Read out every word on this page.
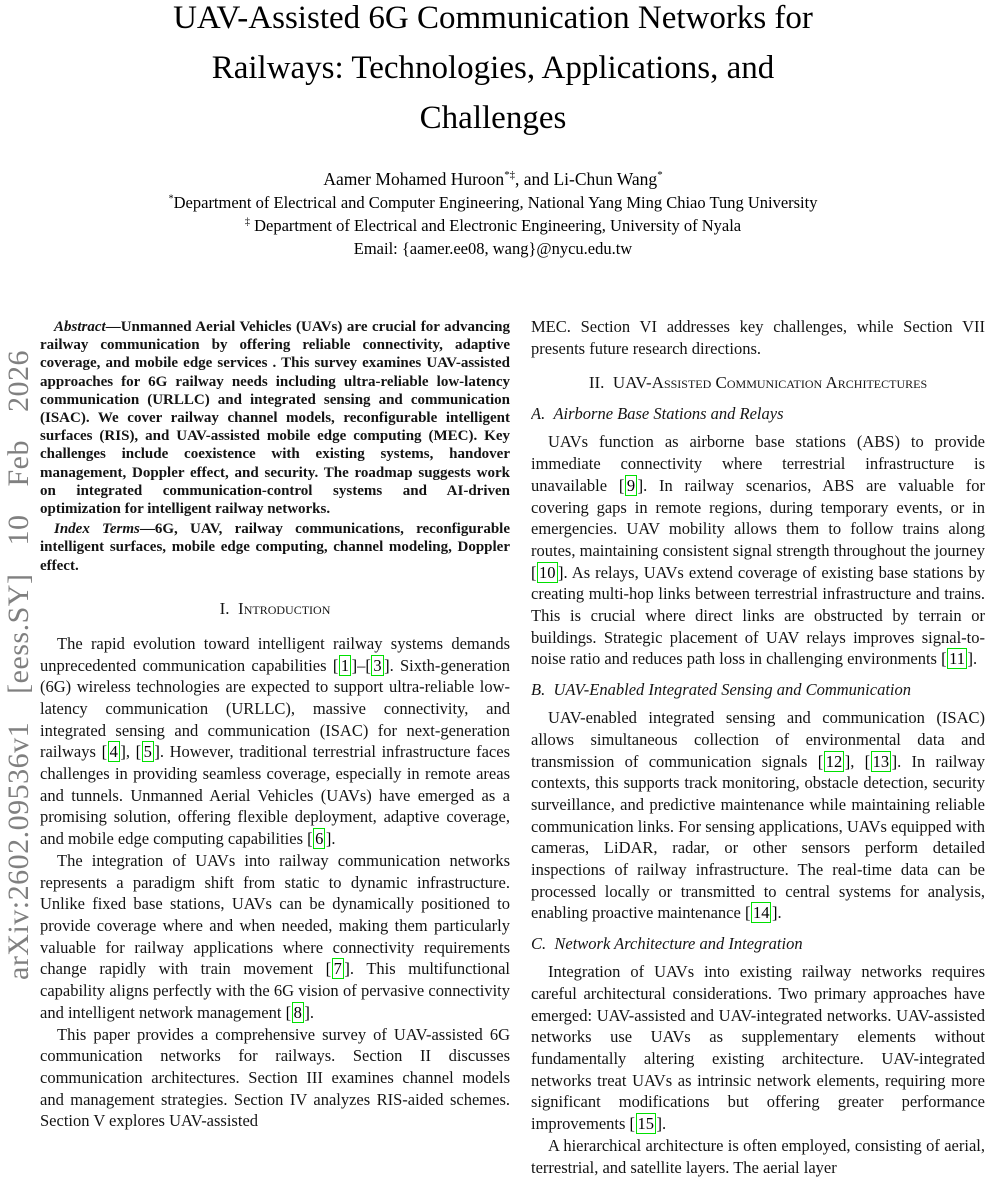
arXiv:2602.09536v1 [eess.SY] 10 Feb 2026
UAV-Assisted 6G Communication Networks for
Railways: Technologies, Applications, and
Challenges
Aamer Mohamed Huroon*‡, and Li-Chun Wang*
*Department of Electrical and Computer Engineering, National Yang Ming Chiao Tung University
‡ Department of Electrical and Electronic Engineering, University of Nyala
Email: {aamer.ee08, wang}@nycu.edu.tw

Abstract—Unmanned Aerial Vehicles (UAVs) are crucial for advancing railway communication by offering reliable connectivity, adaptive coverage, and mobile edge services . This survey examines UAV-assisted approaches for 6G railway needs including ultra-reliable low-latency communication (URLLC) and integrated sensing and communication (ISAC). We cover railway channel models, reconfigurable intelligent surfaces (RIS), and UAV-assisted mobile edge computing (MEC). Key challenges include coexistence with existing systems, handover management, Doppler effect, and security. The roadmap suggests work on integrated communication-control systems and AI-driven optimization for intelligent railway networks.

Index Terms—6G, UAV, railway communications, reconfigurable intelligent surfaces, mobile edge computing, channel modeling, Doppler effect.

I. Introduction

The rapid evolution toward intelligent railway systems demands unprecedented communication capabilities [ 1 ]–[ 3 ]. Sixth-generation (6G) wireless technologies are expected to support ultra-reliable low-latency communication (URLLC), massive connectivity, and integrated sensing and communication (ISAC) for next-generation railways [ 4 ], [ 5 ]. However, traditional terrestrial infrastructure faces challenges in providing seamless coverage, especially in remote areas and tunnels. Unmanned Aerial Vehicles (UAVs) have emerged as a promising solution, offering flexible deployment, adaptive coverage, and mobile edge computing capabilities [ 6 ].

The integration of UAVs into railway communication networks represents a paradigm shift from static to dynamic infrastructure. Unlike fixed base stations, UAVs can be dynamically positioned to provide coverage where and when needed, making them particularly valuable for railway applications where connectivity requirements change rapidly with train movement [ 7 ]. This multifunctional capability aligns perfectly with the 6G vision of pervasive connectivity and intelligent network management [ 8 ].

This paper provides a comprehensive survey of UAV-assisted 6G communication networks for railways. Section II discusses communication architectures. Section III examines channel models and management strategies. Section IV analyzes RIS-aided schemes. Section V explores UAV-assisted

MEC. Section VI addresses key challenges, while Section VII presents future research directions.

II. UAV-Assisted Communication Architectures
A. Airborne Base Stations and Relays

UAVs function as airborne base stations (ABS) to provide immediate connectivity where terrestrial infrastructure is unavailable [ 9 ]. In railway scenarios, ABS are valuable for covering gaps in remote regions, during temporary events, or in emergencies. UAV mobility allows them to follow trains along routes, maintaining consistent signal strength throughout the journey [ 10 ]. As relays, UAVs extend coverage of existing base stations by creating multi-hop links between terrestrial infrastructure and trains. This is crucial where direct links are obstructed by terrain or buildings. Strategic placement of UAV relays improves signal-to-noise ratio and reduces path loss in challenging environments [ 11 ].

B. UAV-Enabled Integrated Sensing and Communication

UAV-enabled integrated sensing and communication (ISAC) allows simultaneous collection of environmental data and transmission of communication signals [ 12 ], [ 13 ]. In railway contexts, this supports track monitoring, obstacle detection, security surveillance, and predictive maintenance while maintaining reliable communication links. For sensing applications, UAVs equipped with cameras, LiDAR, radar, or other sensors perform detailed inspections of railway infrastructure. The real-time data can be processed locally or transmitted to central systems for analysis, enabling proactive maintenance [ 14 ].

C. Network Architecture and Integration

Integration of UAVs into existing railway networks requires careful architectural considerations. Two primary approaches have emerged: UAV-assisted and UAV-integrated networks. UAV-assisted networks use UAVs as supplementary elements without fundamentally altering existing architecture. UAV-integrated networks treat UAVs as intrinsic network elements, requiring more significant modifications but offering greater performance improvements [ 15 ].

A hierarchical architecture is often employed, consisting of aerial, terrestrial, and satellite layers. The aerial layer
